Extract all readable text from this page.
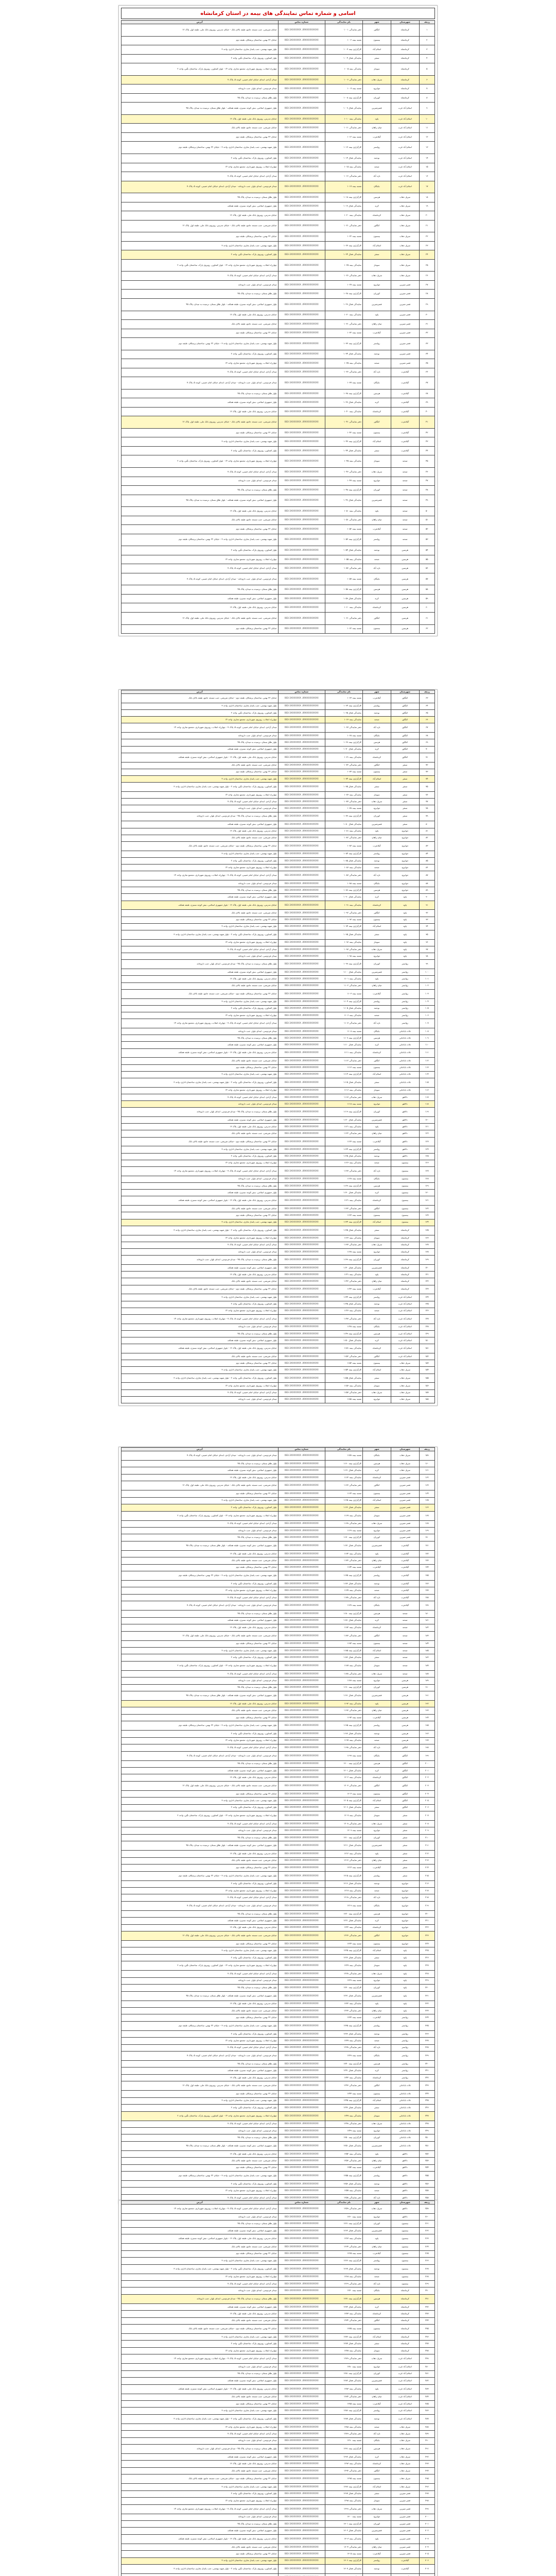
اسامی و شماره تماس نمایندگی های بیمه در استان کرمانشاه
ردیف	شهرستان	شهر	نام نمایندگی	شماره تماس	آدرس
۱	کرمانشاه	کنگاور	دفتر نمایندگی ۱۰۰۱	083-3XXXXXXX ،09XXXXXXXXX	خیابان شریعتی، جنب مسجد جامع، طبقه بالای بانک - خیابان مدرس، روبروی بانک ملی، طبقه اول، پلاک ۱۲
۲	کرمانشاه	بیستون	شعبه بیمه ۱۰۰۲	083-3XXXXXXX ،09XXXXXXXXX	خیابان ۲۲ بهمن، ساختمان پزشکان، طبقه دوم
۳	کرمانشاه	اسلام آباد	کارگزاری بیمه ۱۰۰۳	083-3XXXXXXX ،09XXXXXXXXX	بلوار شهید بهشتی، جنب پاساژ تجاری، ساختمان اداری، واحد ۳
۴	کرمانشاه	سنقر	نمایندگی فعال ۱۰۰۴	083-3XXXXXXX ،09XXXXXXXXX	بلوار کشاورز، روبروی پارک، ساختمان نگین، واحد ۲
۵	کرمانشاه	سومار	نمایندگی بیمه ۱۰۰۵	083-3XXXXXXX ،09XXXXXXXXX	چهارراه انقلاب، روبروی شهرداری، مجتمع تجاری، واحد ۱۴ - بلوار کشاورز، روبروی پارک، ساختمان نگین، واحد ۲
۶	کرمانشاه	سرپل ذهاب	دفتر نمایندگی ۱۰۰۶	083-3XXXXXXX ،09XXXXXXXXX	میدان آزادی، ابتدای خیابان امام خمینی، کوچه ۵، پلاک ۷
۷	کرمانشاه	جوانرود	شعبه بیمه ۱۰۰۷	083-3XXXXXXX ،09XXXXXXXXX	میدان فردوسی، ابتدای بلوار، جنب داروخانه
۸	کرمانشاه	کوزران	کارگزاری بیمه ۱۰۰۸	083-3XXXXXXX ،09XXXXXXXXX	بلوار طاق بستان، نرسیده به میدان، پلاک ۴۵
۹	اسلام آباد غرب	قصرشیرین	نمایندگی فعال ۱۰۰۹	083-3XXXXXXX ،09XXXXXXXXX	بلوار جمهوری اسلامی، نبش کوچه نسترن، طبقه همکف - بلوار طاق بستان، نرسیده به میدان، پلاک ۴۵
۱۰	اسلام آباد غرب	پاوه	نمایندگی بیمه ۱۰۱۰	083-3XXXXXXX ،09XXXXXXXXX	خیابان مدرس، روبروی بانک ملی، طبقه اول، پلاک ۱۲
۱۱	اسلام آباد غرب	میان راهان	دفتر نمایندگی ۱۰۱۱	083-3XXXXXXX ،09XXXXXXXXX	خیابان شریعتی، جنب مسجد جامع، طبقه بالای بانک
۱۲	اسلام آباد غرب	گیلانغرب	شعبه بیمه ۱۰۱۲	083-3XXXXXXX ،09XXXXXXXXX	خیابان ۲۲ بهمن، ساختمان پزشکان، طبقه دوم
۱۳	اسلام آباد غرب	روانسر	کارگزاری بیمه ۱۰۱۳	083-3XXXXXXX ،09XXXXXXXXX	بلوار شهید بهشتی، جنب پاساژ تجاری، ساختمان اداری، واحد ۳ - خیابان ۲۲ بهمن، ساختمان پزشکان، طبقه دوم
۱۴	اسلام آباد غرب	نودشه	نمایندگی فعال ۱۰۱۴	083-3XXXXXXX ،09XXXXXXXXX	بلوار کشاورز، روبروی پارک، ساختمان نگین، واحد ۲
۱۵	اسلام آباد غرب	صحنه	نمایندگی بیمه ۱۰۱۵	083-3XXXXXXX ،09XXXXXXXXX	چهارراه انقلاب، روبروی شهرداری، مجتمع تجاری، واحد ۱۴
۱۶	اسلام آباد غرب	تازه آباد	دفتر نمایندگی ۱۰۱۶	083-3XXXXXXX ،09XXXXXXXXX	میدان آزادی، ابتدای خیابان امام خمینی، کوچه ۵، پلاک ۷
۱۷	اسلام آباد غرب	باینگان	شعبه بیمه ۱۰۱۷	083-3XXXXXXX ،09XXXXXXXXX	میدان فردوسی، ابتدای بلوار، جنب داروخانه - میدان آزادی، ابتدای خیابان امام خمینی، کوچه ۵، پلاک ۷
۱۸	سرپل ذهاب	هرسین	کارگزاری بیمه ۱۰۱۸	083-3XXXXXXX ،09XXXXXXXXX	بلوار طاق بستان، نرسیده به میدان، پلاک ۴۵
۱۹	سرپل ذهاب	کرند	نمایندگی فعال ۱۰۱۹	083-3XXXXXXX ،09XXXXXXXXX	بلوار جمهوری اسلامی، نبش کوچه نسترن، طبقه همکف
۲۰	سرپل ذهاب	کرمانشاه	نمایندگی بیمه ۱۰۲۰	083-3XXXXXXX ،09XXXXXXXXX	خیابان مدرس، روبروی بانک ملی، طبقه اول، پلاک ۱۲
۲۱	سرپل ذهاب	کنگاور	دفتر نمایندگی ۱۰۲۱	083-3XXXXXXX ،09XXXXXXXXX	خیابان شریعتی، جنب مسجد جامع، طبقه بالای بانک - خیابان مدرس، روبروی بانک ملی، طبقه اول، پلاک ۱۲
۲۲	سرپل ذهاب	بیستون	شعبه بیمه ۱۰۲۲	083-3XXXXXXX ،09XXXXXXXXX	خیابان ۲۲ بهمن، ساختمان پزشکان، طبقه دوم
۲۳	سرپل ذهاب	اسلام آباد	کارگزاری بیمه ۱۰۲۳	083-3XXXXXXX ،09XXXXXXXXX	بلوار شهید بهشتی، جنب پاساژ تجاری، ساختمان اداری، واحد ۳
۲۴	سرپل ذهاب	سنقر	نمایندگی فعال ۱۰۲۴	083-3XXXXXXX ،09XXXXXXXXX	بلوار کشاورز، روبروی پارک، ساختمان نگین، واحد ۲
۲۵	سرپل ذهاب	سومار	نمایندگی بیمه ۱۰۲۵	083-3XXXXXXX ،09XXXXXXXXX	چهارراه انقلاب، روبروی شهرداری، مجتمع تجاری، واحد ۱۴ - بلوار کشاورز، روبروی پارک، ساختمان نگین، واحد ۲
۲۶	سرپل ذهاب	سرپل ذهاب	دفتر نمایندگی ۱۰۲۶	083-3XXXXXXX ،09XXXXXXXXX	میدان آزادی، ابتدای خیابان امام خمینی، کوچه ۵، پلاک ۷
۲۷	قصر شیرین	جوانرود	شعبه بیمه ۱۰۲۷	083-3XXXXXXX ،09XXXXXXXXX	میدان فردوسی، ابتدای بلوار، جنب داروخانه
۲۸	قصر شیرین	کوزران	کارگزاری بیمه ۱۰۲۸	083-3XXXXXXX ،09XXXXXXXXX	بلوار طاق بستان، نرسیده به میدان، پلاک ۴۵
۲۹	قصر شیرین	قصرشیرین	نمایندگی فعال ۱۰۲۹	083-3XXXXXXX ،09XXXXXXXXX	بلوار جمهوری اسلامی، نبش کوچه نسترن، طبقه همکف - بلوار طاق بستان، نرسیده به میدان، پلاک ۴۵
۳۰	قصر شیرین	پاوه	نمایندگی بیمه ۱۰۳۰	083-3XXXXXXX ،09XXXXXXXXX	خیابان مدرس، روبروی بانک ملی، طبقه اول، پلاک ۱۲
۳۱	قصر شیرین	میان راهان	دفتر نمایندگی ۱۰۳۱	083-3XXXXXXX ،09XXXXXXXXX	خیابان شریعتی، جنب مسجد جامع، طبقه بالای بانک
۳۲	قصر شیرین	گیلانغرب	شعبه بیمه ۱۰۳۲	083-3XXXXXXX ،09XXXXXXXXX	خیابان ۲۲ بهمن، ساختمان پزشکان، طبقه دوم
۳۳	قصر شیرین	روانسر	کارگزاری بیمه ۱۰۳۳	083-3XXXXXXX ،09XXXXXXXXX	بلوار شهید بهشتی، جنب پاساژ تجاری، ساختمان اداری، واحد ۳ - خیابان ۲۲ بهمن، ساختمان پزشکان، طبقه دوم
۳۴	قصر شیرین	نودشه	نمایندگی فعال ۱۰۳۴	083-3XXXXXXX ،09XXXXXXXXX	بلوار کشاورز، روبروی پارک، ساختمان نگین، واحد ۲
۳۵	قصر شیرین	صحنه	نمایندگی بیمه ۱۰۳۵	083-3XXXXXXX ،09XXXXXXXXX	چهارراه انقلاب، روبروی شهرداری، مجتمع تجاری، واحد ۱۴
۳۶	گیلانغرب	تازه آباد	دفتر نمایندگی ۱۰۳۶	083-3XXXXXXX ،09XXXXXXXXX	میدان آزادی، ابتدای خیابان امام خمینی، کوچه ۵، پلاک ۷
۳۷	گیلانغرب	باینگان	شعبه بیمه ۱۰۳۷	083-3XXXXXXX ،09XXXXXXXXX	میدان فردوسی، ابتدای بلوار، جنب داروخانه - میدان آزادی، ابتدای خیابان امام خمینی، کوچه ۵، پلاک ۷
۳۸	گیلانغرب	هرسین	کارگزاری بیمه ۱۰۳۸	083-3XXXXXXX ،09XXXXXXXXX	بلوار طاق بستان، نرسیده به میدان، پلاک ۴۵
۳۹	گیلانغرب	کرند	نمایندگی فعال ۱۰۳۹	083-3XXXXXXX ،09XXXXXXXXX	بلوار جمهوری اسلامی، نبش کوچه نسترن، طبقه همکف
۴۰	گیلانغرب	کرمانشاه	نمایندگی بیمه ۱۰۴۰	083-3XXXXXXX ،09XXXXXXXXX	خیابان مدرس، روبروی بانک ملی، طبقه اول، پلاک ۱۲
۴۱	گیلانغرب	کنگاور	دفتر نمایندگی ۱۰۴۱	083-3XXXXXXX ،09XXXXXXXXX	خیابان شریعتی، جنب مسجد جامع، طبقه بالای بانک - خیابان مدرس، روبروی بانک ملی، طبقه اول، پلاک ۱۲
۴۲	گیلانغرب	بیستون	شعبه بیمه ۱۰۴۲	083-3XXXXXXX ،09XXXXXXXXX	خیابان ۲۲ بهمن، ساختمان پزشکان، طبقه دوم
۴۳	گیلانغرب	اسلام آباد	کارگزاری بیمه ۱۰۴۳	083-3XXXXXXX ،09XXXXXXXXX	بلوار شهید بهشتی، جنب پاساژ تجاری، ساختمان اداری، واحد ۳
۴۴	گیلانغرب	سنقر	نمایندگی فعال ۱۰۴۴	083-3XXXXXXX ،09XXXXXXXXX	بلوار کشاورز، روبروی پارک، ساختمان نگین، واحد ۲
۴۵	صحنه	سومار	نمایندگی بیمه ۱۰۴۵	083-3XXXXXXX ،09XXXXXXXXX	چهارراه انقلاب، روبروی شهرداری، مجتمع تجاری، واحد ۱۴ - بلوار کشاورز، روبروی پارک، ساختمان نگین، واحد ۲
۴۶	صحنه	سرپل ذهاب	دفتر نمایندگی ۱۰۴۶	083-3XXXXXXX ،09XXXXXXXXX	میدان آزادی، ابتدای خیابان امام خمینی، کوچه ۵، پلاک ۷
۴۷	صحنه	جوانرود	شعبه بیمه ۱۰۴۷	083-3XXXXXXX ،09XXXXXXXXX	میدان فردوسی، ابتدای بلوار، جنب داروخانه
۴۸	صحنه	کوزران	کارگزاری بیمه ۱۰۴۸	083-3XXXXXXX ،09XXXXXXXXX	بلوار طاق بستان، نرسیده به میدان، پلاک ۴۵
۴۹	صحنه	قصرشیرین	نمایندگی فعال ۱۰۴۹	083-3XXXXXXX ،09XXXXXXXXX	بلوار جمهوری اسلامی، نبش کوچه نسترن، طبقه همکف - بلوار طاق بستان، نرسیده به میدان، پلاک ۴۵
۵۰	صحنه	پاوه	نمایندگی بیمه ۱۰۵۰	083-3XXXXXXX ،09XXXXXXXXX	خیابان مدرس، روبروی بانک ملی، طبقه اول، پلاک ۱۲
۵۱	صحنه	میان راهان	دفتر نمایندگی ۱۰۵۱	083-3XXXXXXX ،09XXXXXXXXX	خیابان شریعتی، جنب مسجد جامع، طبقه بالای بانک
۵۲	صحنه	گیلانغرب	شعبه بیمه ۱۰۵۲	083-3XXXXXXX ،09XXXXXXXXX	خیابان ۲۲ بهمن، ساختمان پزشکان، طبقه دوم
۵۳	صحنه	روانسر	کارگزاری بیمه ۱۰۵۳	083-3XXXXXXX ،09XXXXXXXXX	بلوار شهید بهشتی، جنب پاساژ تجاری، ساختمان اداری، واحد ۳ - خیابان ۲۲ بهمن، ساختمان پزشکان، طبقه دوم
۵۴	هرسین	نودشه	نمایندگی فعال ۱۰۵۴	083-3XXXXXXX ،09XXXXXXXXX	بلوار کشاورز، روبروی پارک، ساختمان نگین، واحد ۲
۵۵	هرسین	صحنه	نمایندگی بیمه ۱۰۵۵	083-3XXXXXXX ،09XXXXXXXXX	چهارراه انقلاب، روبروی شهرداری، مجتمع تجاری، واحد ۱۴
۵۶	هرسین	تازه آباد	دفتر نمایندگی ۱۰۵۶	083-3XXXXXXX ،09XXXXXXXXX	میدان آزادی، ابتدای خیابان امام خمینی، کوچه ۵، پلاک ۷
۵۷	هرسین	باینگان	شعبه بیمه ۱۰۵۷	083-3XXXXXXX ،09XXXXXXXXX	میدان فردوسی، ابتدای بلوار، جنب داروخانه - میدان آزادی، ابتدای خیابان امام خمینی، کوچه ۵، پلاک ۷
۵۸	هرسین	هرسین	کارگزاری بیمه ۱۰۵۸	083-3XXXXXXX ،09XXXXXXXXX	بلوار طاق بستان، نرسیده به میدان، پلاک ۴۵
۵۹	هرسین	کرند	نمایندگی فعال ۱۰۵۹	083-3XXXXXXX ،09XXXXXXXXX	بلوار جمهوری اسلامی، نبش کوچه نسترن، طبقه همکف
۶۰	هرسین	کرمانشاه	نمایندگی بیمه ۱۰۶۰	083-3XXXXXXX ،09XXXXXXXXX	خیابان مدرس، روبروی بانک ملی، طبقه اول، پلاک ۱۲
۶۱	هرسین	کنگاور	دفتر نمایندگی ۱۰۶۱	083-3XXXXXXX ،09XXXXXXXXX	خیابان شریعتی، جنب مسجد جامع، طبقه بالای بانک - خیابان مدرس، روبروی بانک ملی، طبقه اول، پلاک ۱۲
۶۲	هرسین	بیستون	شعبه بیمه ۱۰۶۲	083-3XXXXXXX ،09XXXXXXXXX	خیابان ۲۲ بهمن، ساختمان پزشکان، طبقه دوم
ردیف	شهرستان	شهر	نام نمایندگی	شماره تماس	آدرس
۶۳	کنگاور	گیلانغرب	شعبه بیمه ۱۰۶۳	083-3XXXXXXX ،09XXXXXXXXX	خیابان ۲۲ بهمن، ساختمان پزشکان، طبقه دوم - خیابان شریعتی، جنب مسجد جامع، طبقه بالای بانک
۶۴	کنگاور	روانسر	کارگزاری بیمه ۱۰۶۴	083-3XXXXXXX ،09XXXXXXXXX	بلوار شهید بهشتی، جنب پاساژ تجاری، ساختمان اداری، واحد ۳
۶۵	کنگاور	نودشه	نمایندگی فعال ۱۰۶۵	083-3XXXXXXX ،09XXXXXXXXX	بلوار کشاورز، روبروی پارک، ساختمان نگین، واحد ۲
۶۶	کنگاور	صحنه	نمایندگی بیمه ۱۰۶۶	083-3XXXXXXX ،09XXXXXXXXX	چهارراه انقلاب، روبروی شهرداری، مجتمع تجاری، واحد ۱۴
۶۷	کنگاور	تازه آباد	دفتر نمایندگی ۱۰۶۷	083-3XXXXXXX ،09XXXXXXXXX	میدان آزادی، ابتدای خیابان امام خمینی، کوچه ۵، پلاک ۷ - چهارراه انقلاب، روبروی شهرداری، مجتمع تجاری، واحد ۱۴
۶۸	کنگاور	باینگان	شعبه بیمه ۱۰۶۸	083-3XXXXXXX ،09XXXXXXXXX	میدان فردوسی، ابتدای بلوار، جنب داروخانه
۶۹	کنگاور	هرسین	کارگزاری بیمه ۱۰۶۹	083-3XXXXXXX ،09XXXXXXXXX	بلوار طاق بستان، نرسیده به میدان، پلاک ۴۵
۷۰	کنگاور	کرند	نمایندگی فعال ۱۰۷۰	083-3XXXXXXX ،09XXXXXXXXX	بلوار جمهوری اسلامی، نبش کوچه نسترن، طبقه همکف
۷۱	کنگاور	کرمانشاه	نمایندگی بیمه ۱۰۷۱	083-3XXXXXXX ،09XXXXXXXXX	خیابان مدرس، روبروی بانک ملی، طبقه اول، پلاک ۱۲ - بلوار جمهوری اسلامی، نبش کوچه نسترن، طبقه همکف
۷۲	سنقر	کنگاور	دفتر نمایندگی ۱۰۷۲	083-3XXXXXXX ،09XXXXXXXXX	خیابان شریعتی، جنب مسجد جامع، طبقه بالای بانک
۷۳	سنقر	بیستون	شعبه بیمه ۱۰۷۳	083-3XXXXXXX ،09XXXXXXXXX	خیابان ۲۲ بهمن، ساختمان پزشکان، طبقه دوم
۷۴	سنقر	اسلام آباد	کارگزاری بیمه ۱۰۷۴	083-3XXXXXXX ،09XXXXXXXXX	بلوار شهید بهشتی، جنب پاساژ تجاری، ساختمان اداری، واحد ۳
۷۵	سنقر	سنقر	نمایندگی فعال ۱۰۷۵	083-3XXXXXXX ،09XXXXXXXXX	بلوار کشاورز، روبروی پارک، ساختمان نگین، واحد ۲ - بلوار شهید بهشتی، جنب پاساژ تجاری، ساختمان اداری، واحد ۳
۷۶	سنقر	سومار	نمایندگی بیمه ۱۰۷۶	083-3XXXXXXX ،09XXXXXXXXX	چهارراه انقلاب، روبروی شهرداری، مجتمع تجاری، واحد ۱۴
۷۷	سنقر	سرپل ذهاب	دفتر نمایندگی ۱۰۷۷	083-3XXXXXXX ،09XXXXXXXXX	میدان آزادی، ابتدای خیابان امام خمینی، کوچه ۵، پلاک ۷
۷۸	سنقر	جوانرود	شعبه بیمه ۱۰۷۸	083-3XXXXXXX ،09XXXXXXXXX	میدان فردوسی، ابتدای بلوار، جنب داروخانه
۷۹	سنقر	کوزران	کارگزاری بیمه ۱۰۷۹	083-3XXXXXXX ،09XXXXXXXXX	بلوار طاق بستان، نرسیده به میدان، پلاک ۴۵ - میدان فردوسی، ابتدای بلوار، جنب داروخانه
۸۰	سنقر	قصرشیرین	نمایندگی فعال ۱۰۸۰	083-3XXXXXXX ،09XXXXXXXXX	بلوار جمهوری اسلامی، نبش کوچه نسترن، طبقه همکف
۸۱	جوانرود	پاوه	نمایندگی بیمه ۱۰۸۱	083-3XXXXXXX ،09XXXXXXXXX	خیابان مدرس، روبروی بانک ملی، طبقه اول، پلاک ۱۲
۸۲	جوانرود	میان راهان	دفتر نمایندگی ۱۰۸۲	083-3XXXXXXX ،09XXXXXXXXX	خیابان شریعتی، جنب مسجد جامع، طبقه بالای بانک
۸۳	جوانرود	گیلانغرب	شعبه بیمه ۱۰۸۳	083-3XXXXXXX ،09XXXXXXXXX	خیابان ۲۲ بهمن، ساختمان پزشکان، طبقه دوم - خیابان شریعتی، جنب مسجد جامع، طبقه بالای بانک
۸۴	جوانرود	روانسر	کارگزاری بیمه ۱۰۸۴	083-3XXXXXXX ،09XXXXXXXXX	بلوار شهید بهشتی، جنب پاساژ تجاری، ساختمان اداری، واحد ۳
۸۵	جوانرود	نودشه	نمایندگی فعال ۱۰۸۵	083-3XXXXXXX ،09XXXXXXXXX	بلوار کشاورز، روبروی پارک، ساختمان نگین، واحد ۲
۸۶	جوانرود	صحنه	نمایندگی بیمه ۱۰۸۶	083-3XXXXXXX ،09XXXXXXXXX	چهارراه انقلاب، روبروی شهرداری، مجتمع تجاری، واحد ۱۴
۸۷	جوانرود	تازه آباد	دفتر نمایندگی ۱۰۸۷	083-3XXXXXXX ،09XXXXXXXXX	میدان آزادی، ابتدای خیابان امام خمینی، کوچه ۵، پلاک ۷ - چهارراه انقلاب، روبروی شهرداری، مجتمع تجاری، واحد ۱۴
۸۸	جوانرود	باینگان	شعبه بیمه ۱۰۸۸	083-3XXXXXXX ،09XXXXXXXXX	میدان فردوسی، ابتدای بلوار، جنب داروخانه
۸۹	جوانرود	هرسین	کارگزاری بیمه ۱۰۸۹	083-3XXXXXXX ،09XXXXXXXXX	بلوار طاق بستان، نرسیده به میدان، پلاک ۴۵
۹۰	پاوه	کرند	نمایندگی فعال ۱۰۹۰	083-3XXXXXXX ،09XXXXXXXXX	بلوار جمهوری اسلامی، نبش کوچه نسترن، طبقه همکف
۹۱	پاوه	کرمانشاه	نمایندگی بیمه ۱۰۹۱	083-3XXXXXXX ،09XXXXXXXXX	خیابان مدرس، روبروی بانک ملی، طبقه اول، پلاک ۱۲ - بلوار جمهوری اسلامی، نبش کوچه نسترن، طبقه همکف
۹۲	پاوه	کنگاور	دفتر نمایندگی ۱۰۹۲	083-3XXXXXXX ،09XXXXXXXXX	خیابان شریعتی، جنب مسجد جامع، طبقه بالای بانک
۹۳	پاوه	بیستون	شعبه بیمه ۱۰۹۳	083-3XXXXXXX ،09XXXXXXXXX	خیابان ۲۲ بهمن، ساختمان پزشکان، طبقه دوم
۹۴	پاوه	اسلام آباد	کارگزاری بیمه ۱۰۹۴	083-3XXXXXXX ،09XXXXXXXXX	بلوار شهید بهشتی، جنب پاساژ تجاری، ساختمان اداری، واحد ۳
۹۵	پاوه	سنقر	نمایندگی فعال ۱۰۹۵	083-3XXXXXXX ،09XXXXXXXXX	بلوار کشاورز، روبروی پارک، ساختمان نگین، واحد ۲ - بلوار شهید بهشتی، جنب پاساژ تجاری، ساختمان اداری، واحد ۳
۹۶	پاوه	سومار	نمایندگی بیمه ۱۰۹۶	083-3XXXXXXX ،09XXXXXXXXX	چهارراه انقلاب، روبروی شهرداری، مجتمع تجاری، واحد ۱۴
۹۷	پاوه	سرپل ذهاب	دفتر نمایندگی ۱۰۹۷	083-3XXXXXXX ،09XXXXXXXXX	میدان آزادی، ابتدای خیابان امام خمینی، کوچه ۵، پلاک ۷
۹۸	پاوه	جوانرود	شعبه بیمه ۱۰۹۸	083-3XXXXXXX ،09XXXXXXXXX	میدان فردوسی، ابتدای بلوار، جنب داروخانه
۹۹	روانسر	کوزران	کارگزاری بیمه ۱۰۹۹	083-3XXXXXXX ،09XXXXXXXXX	بلوار طاق بستان، نرسیده به میدان، پلاک ۴۵ - میدان فردوسی، ابتدای بلوار، جنب داروخانه
۱۰۰	روانسر	قصرشیرین	نمایندگی فعال ۱۱۰۰	083-3XXXXXXX ،09XXXXXXXXX	بلوار جمهوری اسلامی، نبش کوچه نسترن، طبقه همکف
۱۰۱	روانسر	پاوه	نمایندگی بیمه ۱۱۰۱	083-3XXXXXXX ،09XXXXXXXXX	خیابان مدرس، روبروی بانک ملی، طبقه اول، پلاک ۱۲
۱۰۲	روانسر	میان راهان	دفتر نمایندگی ۱۱۰۲	083-3XXXXXXX ،09XXXXXXXXX	خیابان شریعتی، جنب مسجد جامع، طبقه بالای بانک
۱۰۳	روانسر	گیلانغرب	شعبه بیمه ۱۱۰۳	083-3XXXXXXX ،09XXXXXXXXX	خیابان ۲۲ بهمن، ساختمان پزشکان، طبقه دوم - خیابان شریعتی، جنب مسجد جامع، طبقه بالای بانک
۱۰۴	روانسر	روانسر	کارگزاری بیمه ۱۱۰۴	083-3XXXXXXX ،09XXXXXXXXX	بلوار شهید بهشتی، جنب پاساژ تجاری، ساختمان اداری، واحد ۳
۱۰۵	روانسر	نودشه	نمایندگی فعال ۱۱۰۵	083-3XXXXXXX ،09XXXXXXXXX	بلوار کشاورز، روبروی پارک، ساختمان نگین، واحد ۲
۱۰۶	روانسر	صحنه	نمایندگی بیمه ۱۱۰۶	083-3XXXXXXX ،09XXXXXXXXX	چهارراه انقلاب، روبروی شهرداری، مجتمع تجاری، واحد ۱۴
۱۰۷	روانسر	تازه آباد	دفتر نمایندگی ۱۱۰۷	083-3XXXXXXX ،09XXXXXXXXX	میدان آزادی، ابتدای خیابان امام خمینی، کوچه ۵، پلاک ۷ - چهارراه انقلاب، روبروی شهرداری، مجتمع تجاری، واحد ۱۴
۱۰۸	ثلاث باباجانی	باینگان	شعبه بیمه ۱۱۰۸	083-3XXXXXXX ،09XXXXXXXXX	میدان فردوسی، ابتدای بلوار، جنب داروخانه
۱۰۹	ثلاث باباجانی	هرسین	کارگزاری بیمه ۱۱۰۹	083-3XXXXXXX ،09XXXXXXXXX	بلوار طاق بستان، نرسیده به میدان، پلاک ۴۵
۱۱۰	ثلاث باباجانی	کرند	نمایندگی فعال ۱۱۱۰	083-3XXXXXXX ،09XXXXXXXXX	بلوار جمهوری اسلامی، نبش کوچه نسترن، طبقه همکف
۱۱۱	ثلاث باباجانی	کرمانشاه	نمایندگی بیمه ۱۱۱۱	083-3XXXXXXX ،09XXXXXXXXX	خیابان مدرس، روبروی بانک ملی، طبقه اول، پلاک ۱۲ - بلوار جمهوری اسلامی، نبش کوچه نسترن، طبقه همکف
۱۱۲	ثلاث باباجانی	کنگاور	دفتر نمایندگی ۱۱۱۲	083-3XXXXXXX ،09XXXXXXXXX	خیابان شریعتی، جنب مسجد جامع، طبقه بالای بانک
۱۱۳	ثلاث باباجانی	بیستون	شعبه بیمه ۱۱۱۳	083-3XXXXXXX ،09XXXXXXXXX	خیابان ۲۲ بهمن، ساختمان پزشکان، طبقه دوم
۱۱۴	ثلاث باباجانی	اسلام آباد	کارگزاری بیمه ۱۱۱۴	083-3XXXXXXX ،09XXXXXXXXX	بلوار شهید بهشتی، جنب پاساژ تجاری، ساختمان اداری، واحد ۳
۱۱۵	ثلاث باباجانی	سنقر	نمایندگی فعال ۱۱۱۵	083-3XXXXXXX ،09XXXXXXXXX	بلوار کشاورز، روبروی پارک، ساختمان نگین، واحد ۲ - بلوار شهید بهشتی، جنب پاساژ تجاری، ساختمان اداری، واحد ۳
۱۱۶	ثلاث باباجانی	سومار	نمایندگی بیمه ۱۱۱۶	083-3XXXXXXX ،09XXXXXXXXX	چهارراه انقلاب، روبروی شهرداری، مجتمع تجاری، واحد ۱۴
۱۱۷	دالاهو	سرپل ذهاب	دفتر نمایندگی ۱۱۱۷	083-3XXXXXXX ،09XXXXXXXXX	میدان آزادی، ابتدای خیابان امام خمینی، کوچه ۵، پلاک ۷
۱۱۸	دالاهو	جوانرود	شعبه بیمه ۱۱۱۸	083-3XXXXXXX ،09XXXXXXXXX	میدان فردوسی، ابتدای بلوار، جنب داروخانه
۱۱۹	دالاهو	کوزران	کارگزاری بیمه ۱۱۱۹	083-3XXXXXXX ،09XXXXXXXXX	بلوار طاق بستان، نرسیده به میدان، پلاک ۴۵ - میدان فردوسی، ابتدای بلوار، جنب داروخانه
۱۲۰	دالاهو	قصرشیرین	نمایندگی فعال ۱۱۲۰	083-3XXXXXXX ،09XXXXXXXXX	بلوار جمهوری اسلامی، نبش کوچه نسترن، طبقه همکف
۱۲۱	دالاهو	پاوه	نمایندگی بیمه ۱۱۲۱	083-3XXXXXXX ،09XXXXXXXXX	خیابان مدرس، روبروی بانک ملی، طبقه اول، پلاک ۱۲
۱۲۲	دالاهو	میان راهان	دفتر نمایندگی ۱۱۲۲	083-3XXXXXXX ،09XXXXXXXXX	خیابان شریعتی، جنب مسجد جامع، طبقه بالای بانک
۱۲۳	دالاهو	گیلانغرب	شعبه بیمه ۱۱۲۳	083-3XXXXXXX ،09XXXXXXXXX	خیابان ۲۲ بهمن، ساختمان پزشکان، طبقه دوم - خیابان شریعتی، جنب مسجد جامع، طبقه بالای بانک
۱۲۴	دالاهو	روانسر	کارگزاری بیمه ۱۱۲۴	083-3XXXXXXX ،09XXXXXXXXX	بلوار شهید بهشتی، جنب پاساژ تجاری، ساختمان اداری، واحد ۳
۱۲۵	دالاهو	نودشه	نمایندگی فعال ۱۱۲۵	083-3XXXXXXX ،09XXXXXXXXX	بلوار کشاورز، روبروی پارک، ساختمان نگین، واحد ۲
۱۲۶	بیستون	صحنه	نمایندگی بیمه ۱۱۲۶	083-3XXXXXXX ،09XXXXXXXXX	چهارراه انقلاب، روبروی شهرداری، مجتمع تجاری، واحد ۱۴
۱۲۷	بیستون	تازه آباد	دفتر نمایندگی ۱۱۲۷	083-3XXXXXXX ،09XXXXXXXXX	میدان آزادی، ابتدای خیابان امام خمینی، کوچه ۵، پلاک ۷ - چهارراه انقلاب، روبروی شهرداری، مجتمع تجاری، واحد ۱۴
۱۲۸	بیستون	باینگان	شعبه بیمه ۱۱۲۸	083-3XXXXXXX ،09XXXXXXXXX	میدان فردوسی، ابتدای بلوار، جنب داروخانه
۱۲۹	بیستون	هرسین	کارگزاری بیمه ۱۱۲۹	083-3XXXXXXX ،09XXXXXXXXX	بلوار طاق بستان، نرسیده به میدان، پلاک ۴۵
۱۳۰	بیستون	کرند	نمایندگی فعال ۱۱۳۰	083-3XXXXXXX ،09XXXXXXXXX	بلوار جمهوری اسلامی، نبش کوچه نسترن، طبقه همکف
۱۳۱	بیستون	کرمانشاه	نمایندگی بیمه ۱۱۳۱	083-3XXXXXXX ،09XXXXXXXXX	خیابان مدرس، روبروی بانک ملی، طبقه اول، پلاک ۱۲ - بلوار جمهوری اسلامی، نبش کوچه نسترن، طبقه همکف
۱۳۲	بیستون	کنگاور	دفتر نمایندگی ۱۱۳۲	083-3XXXXXXX ،09XXXXXXXXX	خیابان شریعتی، جنب مسجد جامع، طبقه بالای بانک
۱۳۳	بیستون	بیستون	شعبه بیمه ۱۱۳۳	083-3XXXXXXX ،09XXXXXXXXX	خیابان ۲۲ بهمن، ساختمان پزشکان، طبقه دوم
۱۳۴	بیستون	اسلام آباد	کارگزاری بیمه ۱۱۳۴	083-3XXXXXXX ،09XXXXXXXXX	بلوار شهید بهشتی، جنب پاساژ تجاری، ساختمان اداری، واحد ۳
۱۳۵	کرمانشاه	سنقر	نمایندگی فعال ۱۱۳۵	083-3XXXXXXX ،09XXXXXXXXX	بلوار کشاورز، روبروی پارک، ساختمان نگین، واحد ۲ - بلوار شهید بهشتی، جنب پاساژ تجاری، ساختمان اداری، واحد ۳
۱۳۶	کرمانشاه	سومار	نمایندگی بیمه ۱۱۳۶	083-3XXXXXXX ،09XXXXXXXXX	چهارراه انقلاب، روبروی شهرداری، مجتمع تجاری، واحد ۱۴
۱۳۷	کرمانشاه	سرپل ذهاب	دفتر نمایندگی ۱۱۳۷	083-3XXXXXXX ،09XXXXXXXXX	میدان آزادی، ابتدای خیابان امام خمینی، کوچه ۵، پلاک ۷
۱۳۸	کرمانشاه	جوانرود	شعبه بیمه ۱۱۳۸	083-3XXXXXXX ،09XXXXXXXXX	میدان فردوسی، ابتدای بلوار، جنب داروخانه
۱۳۹	کرمانشاه	کوزران	کارگزاری بیمه ۱۱۳۹	083-3XXXXXXX ،09XXXXXXXXX	بلوار طاق بستان، نرسیده به میدان، پلاک ۴۵ - میدان فردوسی، ابتدای بلوار، جنب داروخانه
۱۴۰	کرمانشاه	قصرشیرین	نمایندگی فعال ۱۱۴۰	083-3XXXXXXX ،09XXXXXXXXX	بلوار جمهوری اسلامی، نبش کوچه نسترن، طبقه همکف
۱۴۱	کرمانشاه	پاوه	نمایندگی بیمه ۱۱۴۱	083-3XXXXXXX ،09XXXXXXXXX	خیابان مدرس، روبروی بانک ملی، طبقه اول، پلاک ۱۲
۱۴۲	کرمانشاه	میان راهان	دفتر نمایندگی ۱۱۴۲	083-3XXXXXXX ،09XXXXXXXXX	خیابان شریعتی، جنب مسجد جامع، طبقه بالای بانک
۱۴۳	کرمانشاه	گیلانغرب	شعبه بیمه ۱۱۴۳	083-3XXXXXXX ،09XXXXXXXXX	خیابان ۲۲ بهمن، ساختمان پزشکان، طبقه دوم - خیابان شریعتی، جنب مسجد جامع، طبقه بالای بانک
۱۴۴	اسلام آباد غرب	روانسر	کارگزاری بیمه ۱۱۴۴	083-3XXXXXXX ،09XXXXXXXXX	بلوار شهید بهشتی، جنب پاساژ تجاری، ساختمان اداری، واحد ۳
۱۴۵	اسلام آباد غرب	نودشه	نمایندگی فعال ۱۱۴۵	083-3XXXXXXX ،09XXXXXXXXX	بلوار کشاورز، روبروی پارک، ساختمان نگین، واحد ۲
۱۴۶	اسلام آباد غرب	صحنه	نمایندگی بیمه ۱۱۴۶	083-3XXXXXXX ،09XXXXXXXXX	چهارراه انقلاب، روبروی شهرداری، مجتمع تجاری، واحد ۱۴
۱۴۷	اسلام آباد غرب	تازه آباد	دفتر نمایندگی ۱۱۴۷	083-3XXXXXXX ،09XXXXXXXXX	میدان آزادی، ابتدای خیابان امام خمینی، کوچه ۵، پلاک ۷ - چهارراه انقلاب، روبروی شهرداری، مجتمع تجاری، واحد ۱۴
۱۴۸	اسلام آباد غرب	باینگان	شعبه بیمه ۱۱۴۸	083-3XXXXXXX ،09XXXXXXXXX	میدان فردوسی، ابتدای بلوار، جنب داروخانه
۱۴۹	اسلام آباد غرب	هرسین	کارگزاری بیمه ۱۱۴۹	083-3XXXXXXX ،09XXXXXXXXX	بلوار طاق بستان، نرسیده به میدان، پلاک ۴۵
۱۵۰	اسلام آباد غرب	کرند	نمایندگی فعال ۱۱۵۰	083-3XXXXXXX ،09XXXXXXXXX	بلوار جمهوری اسلامی، نبش کوچه نسترن، طبقه همکف
۱۵۱	اسلام آباد غرب	کرمانشاه	نمایندگی بیمه ۱۱۵۱	083-3XXXXXXX ،09XXXXXXXXX	خیابان مدرس، روبروی بانک ملی، طبقه اول، پلاک ۱۲ - بلوار جمهوری اسلامی، نبش کوچه نسترن، طبقه همکف
۱۵۲	اسلام آباد غرب	کنگاور	دفتر نمایندگی ۱۱۵۲	083-3XXXXXXX ،09XXXXXXXXX	خیابان شریعتی، جنب مسجد جامع، طبقه بالای بانک
۱۵۳	سرپل ذهاب	بیستون	شعبه بیمه ۱۱۵۳	083-3XXXXXXX ،09XXXXXXXXX	خیابان ۲۲ بهمن، ساختمان پزشکان، طبقه دوم
۱۵۴	سرپل ذهاب	اسلام آباد	کارگزاری بیمه ۱۱۵۴	083-3XXXXXXX ،09XXXXXXXXX	بلوار شهید بهشتی، جنب پاساژ تجاری، ساختمان اداری، واحد ۳
۱۵۵	سرپل ذهاب	سنقر	نمایندگی فعال ۱۱۵۵	083-3XXXXXXX ،09XXXXXXXXX	بلوار کشاورز، روبروی پارک، ساختمان نگین، واحد ۲ - بلوار شهید بهشتی، جنب پاساژ تجاری، ساختمان اداری، واحد ۳
۱۵۶	سرپل ذهاب	سومار	نمایندگی بیمه ۱۱۵۶	083-3XXXXXXX ،09XXXXXXXXX	چهارراه انقلاب، روبروی شهرداری، مجتمع تجاری، واحد ۱۴
۱۵۷	سرپل ذهاب	سرپل ذهاب	دفتر نمایندگی ۱۱۵۷	083-3XXXXXXX ،09XXXXXXXXX	میدان آزادی، ابتدای خیابان امام خمینی، کوچه ۵، پلاک ۷
۱۵۸	سرپل ذهاب	جوانرود	شعبه بیمه ۱۱۵۸	083-3XXXXXXX ،09XXXXXXXXX	میدان فردوسی، ابتدای بلوار، جنب داروخانه
ردیف	شهرستان	شهر	نام نمایندگی	شماره تماس	آدرس
۱۵۹	سرپل ذهاب	باینگان	شعبه بیمه ۱۱۵۹	083-3XXXXXXX ،09XXXXXXXXX	میدان فردوسی، ابتدای بلوار، جنب داروخانه - میدان آزادی، ابتدای خیابان امام خمینی، کوچه ۵، پلاک ۷
۱۶۰	سرپل ذهاب	هرسین	کارگزاری بیمه ۱۱۶۰	083-3XXXXXXX ،09XXXXXXXXX	بلوار طاق بستان، نرسیده به میدان، پلاک ۴۵
۱۶۱	سرپل ذهاب	کرند	نمایندگی فعال ۱۱۶۱	083-3XXXXXXX ،09XXXXXXXXX	بلوار جمهوری اسلامی، نبش کوچه نسترن، طبقه همکف
۱۶۲	قصر شیرین	کرمانشاه	نمایندگی بیمه ۱۱۶۲	083-3XXXXXXX ،09XXXXXXXXX	خیابان مدرس، روبروی بانک ملی، طبقه اول، پلاک ۱۲
۱۶۳	قصر شیرین	کنگاور	دفتر نمایندگی ۱۱۶۳	083-3XXXXXXX ،09XXXXXXXXX	خیابان شریعتی، جنب مسجد جامع، طبقه بالای بانک - خیابان مدرس، روبروی بانک ملی، طبقه اول، پلاک ۱۲
۱۶۴	قصر شیرین	بیستون	شعبه بیمه ۱۱۶۴	083-3XXXXXXX ،09XXXXXXXXX	خیابان ۲۲ بهمن، ساختمان پزشکان، طبقه دوم
۱۶۵	قصر شیرین	اسلام آباد	کارگزاری بیمه ۱۱۶۵	083-3XXXXXXX ،09XXXXXXXXX	بلوار شهید بهشتی، جنب پاساژ تجاری، ساختمان اداری، واحد ۳
۱۶۶	قصر شیرین	سنقر	نمایندگی فعال ۱۱۶۶	083-3XXXXXXX ،09XXXXXXXXX	بلوار کشاورز، روبروی پارک، ساختمان نگین، واحد ۲
۱۶۷	قصر شیرین	سومار	نمایندگی بیمه ۱۱۶۷	083-3XXXXXXX ،09XXXXXXXXX	چهارراه انقلاب، روبروی شهرداری، مجتمع تجاری، واحد ۱۴ - بلوار کشاورز، روبروی پارک، ساختمان نگین، واحد ۲
۱۶۸	قصر شیرین	سرپل ذهاب	دفتر نمایندگی ۱۱۶۸	083-3XXXXXXX ،09XXXXXXXXX	میدان آزادی، ابتدای خیابان امام خمینی، کوچه ۵، پلاک ۷
۱۶۹	قصر شیرین	جوانرود	شعبه بیمه ۱۱۶۹	083-3XXXXXXX ،09XXXXXXXXX	میدان فردوسی، ابتدای بلوار، جنب داروخانه
۱۷۰	قصر شیرین	کوزران	کارگزاری بیمه ۱۱۷۰	083-3XXXXXXX ،09XXXXXXXXX	بلوار طاق بستان، نرسیده به میدان، پلاک ۴۵
۱۷۱	گیلانغرب	قصرشیرین	نمایندگی فعال ۱۱۷۱	083-3XXXXXXX ،09XXXXXXXXX	بلوار جمهوری اسلامی، نبش کوچه نسترن، طبقه همکف - بلوار طاق بستان، نرسیده به میدان، پلاک ۴۵
۱۷۲	گیلانغرب	پاوه	نمایندگی بیمه ۱۱۷۲	083-3XXXXXXX ،09XXXXXXXXX	خیابان مدرس، روبروی بانک ملی، طبقه اول، پلاک ۱۲
۱۷۳	گیلانغرب	میان راهان	دفتر نمایندگی ۱۱۷۳	083-3XXXXXXX ،09XXXXXXXXX	خیابان شریعتی، جنب مسجد جامع، طبقه بالای بانک
۱۷۴	گیلانغرب	گیلانغرب	شعبه بیمه ۱۱۷۴	083-3XXXXXXX ،09XXXXXXXXX	خیابان ۲۲ بهمن، ساختمان پزشکان، طبقه دوم
۱۷۵	گیلانغرب	روانسر	کارگزاری بیمه ۱۱۷۵	083-3XXXXXXX ،09XXXXXXXXX	بلوار شهید بهشتی، جنب پاساژ تجاری، ساختمان اداری، واحد ۳ - خیابان ۲۲ بهمن، ساختمان پزشکان، طبقه دوم
۱۷۶	گیلانغرب	نودشه	نمایندگی فعال ۱۱۷۶	083-3XXXXXXX ،09XXXXXXXXX	بلوار کشاورز، روبروی پارک، ساختمان نگین، واحد ۲
۱۷۷	گیلانغرب	صحنه	نمایندگی بیمه ۱۱۷۷	083-3XXXXXXX ،09XXXXXXXXX	چهارراه انقلاب، روبروی شهرداری، مجتمع تجاری، واحد ۱۴
۱۷۸	گیلانغرب	تازه آباد	دفتر نمایندگی ۱۱۷۸	083-3XXXXXXX ،09XXXXXXXXX	میدان آزادی، ابتدای خیابان امام خمینی، کوچه ۵، پلاک ۷
۱۷۹	گیلانغرب	باینگان	شعبه بیمه ۱۱۷۹	083-3XXXXXXX ،09XXXXXXXXX	میدان فردوسی، ابتدای بلوار، جنب داروخانه - میدان آزادی، ابتدای خیابان امام خمینی، کوچه ۵، پلاک ۷
۱۸۰	صحنه	هرسین	کارگزاری بیمه ۱۱۸۰	083-3XXXXXXX ،09XXXXXXXXX	بلوار طاق بستان، نرسیده به میدان، پلاک ۴۵
۱۸۱	صحنه	کرند	نمایندگی فعال ۱۱۸۱	083-3XXXXXXX ،09XXXXXXXXX	بلوار جمهوری اسلامی، نبش کوچه نسترن، طبقه همکف
۱۸۲	صحنه	کرمانشاه	نمایندگی بیمه ۱۱۸۲	083-3XXXXXXX ،09XXXXXXXXX	خیابان مدرس، روبروی بانک ملی، طبقه اول، پلاک ۱۲
۱۸۳	صحنه	کنگاور	دفتر نمایندگی ۱۱۸۳	083-3XXXXXXX ،09XXXXXXXXX	خیابان شریعتی، جنب مسجد جامع، طبقه بالای بانک - خیابان مدرس، روبروی بانک ملی، طبقه اول، پلاک ۱۲
۱۸۴	صحنه	بیستون	شعبه بیمه ۱۱۸۴	083-3XXXXXXX ،09XXXXXXXXX	خیابان ۲۲ بهمن، ساختمان پزشکان، طبقه دوم
۱۸۵	صحنه	اسلام آباد	کارگزاری بیمه ۱۱۸۵	083-3XXXXXXX ،09XXXXXXXXX	بلوار شهید بهشتی، جنب پاساژ تجاری، ساختمان اداری، واحد ۳
۱۸۶	صحنه	سنقر	نمایندگی فعال ۱۱۸۶	083-3XXXXXXX ،09XXXXXXXXX	بلوار کشاورز، روبروی پارک، ساختمان نگین، واحد ۲
۱۸۷	صحنه	سومار	نمایندگی بیمه ۱۱۸۷	083-3XXXXXXX ،09XXXXXXXXX	چهارراه انقلاب، روبروی شهرداری، مجتمع تجاری، واحد ۱۴ - بلوار کشاورز، روبروی پارک، ساختمان نگین، واحد ۲
۱۸۸	صحنه	سرپل ذهاب	دفتر نمایندگی ۱۱۸۸	083-3XXXXXXX ،09XXXXXXXXX	میدان آزادی، ابتدای خیابان امام خمینی، کوچه ۵، پلاک ۷
۱۸۹	هرسین	جوانرود	شعبه بیمه ۱۱۸۹	083-3XXXXXXX ،09XXXXXXXXX	میدان فردوسی، ابتدای بلوار، جنب داروخانه
۱۹۰	هرسین	کوزران	کارگزاری بیمه ۱۱۹۰	083-3XXXXXXX ،09XXXXXXXXX	بلوار طاق بستان، نرسیده به میدان، پلاک ۴۵
۱۹۱	هرسین	قصرشیرین	نمایندگی فعال ۱۱۹۱	083-3XXXXXXX ،09XXXXXXXXX	بلوار جمهوری اسلامی، نبش کوچه نسترن، طبقه همکف - بلوار طاق بستان، نرسیده به میدان، پلاک ۴۵
۱۹۲	هرسین	پاوه	نمایندگی بیمه ۱۱۹۲	083-3XXXXXXX ،09XXXXXXXXX	خیابان مدرس، روبروی بانک ملی، طبقه اول، پلاک ۱۲
۱۹۳	هرسین	میان راهان	دفتر نمایندگی ۱۱۹۳	083-3XXXXXXX ،09XXXXXXXXX	خیابان شریعتی، جنب مسجد جامع، طبقه بالای بانک
۱۹۴	هرسین	گیلانغرب	شعبه بیمه ۱۱۹۴	083-3XXXXXXX ،09XXXXXXXXX	خیابان ۲۲ بهمن، ساختمان پزشکان، طبقه دوم
۱۹۵	هرسین	روانسر	کارگزاری بیمه ۱۱۹۵	083-3XXXXXXX ،09XXXXXXXXX	بلوار شهید بهشتی، جنب پاساژ تجاری، ساختمان اداری، واحد ۳ - خیابان ۲۲ بهمن، ساختمان پزشکان، طبقه دوم
۱۹۶	هرسین	نودشه	نمایندگی فعال ۱۱۹۶	083-3XXXXXXX ،09XXXXXXXXX	بلوار کشاورز، روبروی پارک، ساختمان نگین، واحد ۲
۱۹۷	هرسین	صحنه	نمایندگی بیمه ۱۱۹۷	083-3XXXXXXX ،09XXXXXXXXX	چهارراه انقلاب، روبروی شهرداری، مجتمع تجاری، واحد ۱۴
۱۹۸	کنگاور	تازه آباد	دفتر نمایندگی ۱۱۹۸	083-3XXXXXXX ،09XXXXXXXXX	میدان آزادی، ابتدای خیابان امام خمینی، کوچه ۵، پلاک ۷
۱۹۹	کنگاور	باینگان	شعبه بیمه ۱۱۹۹	083-3XXXXXXX ،09XXXXXXXXX	میدان فردوسی، ابتدای بلوار، جنب داروخانه - میدان آزادی، ابتدای خیابان امام خمینی، کوچه ۵، پلاک ۷
۲۰۰	کنگاور	هرسین	کارگزاری بیمه ۱۲۰۰	083-3XXXXXXX ،09XXXXXXXXX	بلوار طاق بستان، نرسیده به میدان، پلاک ۴۵
۲۰۱	کنگاور	کرند	نمایندگی فعال ۱۲۰۱	083-3XXXXXXX ،09XXXXXXXXX	بلوار جمهوری اسلامی، نبش کوچه نسترن، طبقه همکف
۲۰۲	کنگاور	کرمانشاه	نمایندگی بیمه ۱۲۰۲	083-3XXXXXXX ،09XXXXXXXXX	خیابان مدرس، روبروی بانک ملی، طبقه اول، پلاک ۱۲
۲۰۳	کنگاور	کنگاور	دفتر نمایندگی ۱۲۰۳	083-3XXXXXXX ،09XXXXXXXXX	خیابان شریعتی، جنب مسجد جامع، طبقه بالای بانک - خیابان مدرس، روبروی بانک ملی، طبقه اول، پلاک ۱۲
۲۰۴	کنگاور	بیستون	شعبه بیمه ۱۲۰۴	083-3XXXXXXX ،09XXXXXXXXX	خیابان ۲۲ بهمن، ساختمان پزشکان، طبقه دوم
۲۰۵	کنگاور	اسلام آباد	کارگزاری بیمه ۱۲۰۵	083-3XXXXXXX ،09XXXXXXXXX	بلوار شهید بهشتی، جنب پاساژ تجاری، ساختمان اداری، واحد ۳
۲۰۶	کنگاور	سنقر	نمایندگی فعال ۱۲۰۶	083-3XXXXXXX ،09XXXXXXXXX	بلوار کشاورز، روبروی پارک، ساختمان نگین، واحد ۲
۲۰۷	سنقر	سومار	نمایندگی بیمه ۱۲۰۷	083-3XXXXXXX ،09XXXXXXXXX	چهارراه انقلاب، روبروی شهرداری، مجتمع تجاری، واحد ۱۴ - بلوار کشاورز، روبروی پارک، ساختمان نگین، واحد ۲
۲۰۸	سنقر	سرپل ذهاب	دفتر نمایندگی ۱۲۰۸	083-3XXXXXXX ،09XXXXXXXXX	میدان آزادی، ابتدای خیابان امام خمینی، کوچه ۵، پلاک ۷
۲۰۹	سنقر	جوانرود	شعبه بیمه ۱۲۰۹	083-3XXXXXXX ،09XXXXXXXXX	میدان فردوسی، ابتدای بلوار، جنب داروخانه
۲۱۰	سنقر	کوزران	کارگزاری بیمه ۱۲۱۰	083-3XXXXXXX ،09XXXXXXXXX	بلوار طاق بستان، نرسیده به میدان، پلاک ۴۵
۲۱۱	سنقر	قصرشیرین	نمایندگی فعال ۱۲۱۱	083-3XXXXXXX ،09XXXXXXXXX	بلوار جمهوری اسلامی، نبش کوچه نسترن، طبقه همکف - بلوار طاق بستان، نرسیده به میدان، پلاک ۴۵
۲۱۲	سنقر	پاوه	نمایندگی بیمه ۱۲۱۲	083-3XXXXXXX ،09XXXXXXXXX	خیابان مدرس، روبروی بانک ملی، طبقه اول، پلاک ۱۲
۲۱۳	سنقر	میان راهان	دفتر نمایندگی ۱۲۱۳	083-3XXXXXXX ،09XXXXXXXXX	خیابان شریعتی، جنب مسجد جامع، طبقه بالای بانک
۲۱۴	سنقر	گیلانغرب	شعبه بیمه ۱۲۱۴	083-3XXXXXXX ،09XXXXXXXXX	خیابان ۲۲ بهمن، ساختمان پزشکان، طبقه دوم
۲۱۵	سنقر	روانسر	کارگزاری بیمه ۱۲۱۵	083-3XXXXXXX ،09XXXXXXXXX	بلوار شهید بهشتی، جنب پاساژ تجاری، ساختمان اداری، واحد ۳ - خیابان ۲۲ بهمن، ساختمان پزشکان، طبقه دوم
۲۱۶	جوانرود	نودشه	نمایندگی فعال ۱۲۱۶	083-3XXXXXXX ،09XXXXXXXXX	بلوار کشاورز، روبروی پارک، ساختمان نگین، واحد ۲
۲۱۷	جوانرود	صحنه	نمایندگی بیمه ۱۲۱۷	083-3XXXXXXX ،09XXXXXXXXX	چهارراه انقلاب، روبروی شهرداری، مجتمع تجاری، واحد ۱۴
۲۱۸	جوانرود	تازه آباد	دفتر نمایندگی ۱۲۱۸	083-3XXXXXXX ،09XXXXXXXXX	میدان آزادی، ابتدای خیابان امام خمینی، کوچه ۵، پلاک ۷
۲۱۹	جوانرود	باینگان	شعبه بیمه ۱۲۱۹	083-3XXXXXXX ،09XXXXXXXXX	میدان فردوسی، ابتدای بلوار، جنب داروخانه - میدان آزادی، ابتدای خیابان امام خمینی، کوچه ۵، پلاک ۷
۲۲۰	جوانرود	هرسین	کارگزاری بیمه ۱۲۲۰	083-3XXXXXXX ،09XXXXXXXXX	بلوار طاق بستان، نرسیده به میدان، پلاک ۴۵
۲۲۱	جوانرود	کرند	نمایندگی فعال ۱۲۲۱	083-3XXXXXXX ،09XXXXXXXXX	بلوار جمهوری اسلامی، نبش کوچه نسترن، طبقه همکف
۲۲۲	جوانرود	کرمانشاه	نمایندگی بیمه ۱۲۲۲	083-3XXXXXXX ،09XXXXXXXXX	خیابان مدرس، روبروی بانک ملی، طبقه اول، پلاک ۱۲
۲۲۳	جوانرود	کنگاور	دفتر نمایندگی ۱۲۲۳	083-3XXXXXXX ،09XXXXXXXXX	خیابان شریعتی، جنب مسجد جامع، طبقه بالای بانک - خیابان مدرس، روبروی بانک ملی، طبقه اول، پلاک ۱۲
۲۲۴	جوانرود	بیستون	شعبه بیمه ۱۲۲۴	083-3XXXXXXX ،09XXXXXXXXX	خیابان ۲۲ بهمن، ساختمان پزشکان، طبقه دوم
۲۲۵	پاوه	اسلام آباد	کارگزاری بیمه ۱۲۲۵	083-3XXXXXXX ،09XXXXXXXXX	بلوار شهید بهشتی، جنب پاساژ تجاری، ساختمان اداری، واحد ۳
۲۲۶	پاوه	سنقر	نمایندگی فعال ۱۲۲۶	083-3XXXXXXX ،09XXXXXXXXX	بلوار کشاورز، روبروی پارک، ساختمان نگین، واحد ۲
۲۲۷	پاوه	سومار	نمایندگی بیمه ۱۲۲۷	083-3XXXXXXX ،09XXXXXXXXX	چهارراه انقلاب، روبروی شهرداری، مجتمع تجاری، واحد ۱۴ - بلوار کشاورز، روبروی پارک، ساختمان نگین، واحد ۲
۲۲۸	پاوه	سرپل ذهاب	دفتر نمایندگی ۱۲۲۸	083-3XXXXXXX ،09XXXXXXXXX	میدان آزادی، ابتدای خیابان امام خمینی، کوچه ۵، پلاک ۷
۲۲۹	پاوه	جوانرود	شعبه بیمه ۱۲۲۹	083-3XXXXXXX ،09XXXXXXXXX	میدان فردوسی، ابتدای بلوار، جنب داروخانه
۲۳۰	پاوه	کوزران	کارگزاری بیمه ۱۲۳۰	083-3XXXXXXX ،09XXXXXXXXX	بلوار طاق بستان، نرسیده به میدان، پلاک ۴۵
۲۳۱	پاوه	قصرشیرین	نمایندگی فعال ۱۲۳۱	083-3XXXXXXX ،09XXXXXXXXX	بلوار جمهوری اسلامی، نبش کوچه نسترن، طبقه همکف - بلوار طاق بستان، نرسیده به میدان، پلاک ۴۵
۲۳۲	پاوه	پاوه	نمایندگی بیمه ۱۲۳۲	083-3XXXXXXX ،09XXXXXXXXX	خیابان مدرس، روبروی بانک ملی، طبقه اول، پلاک ۱۲
۲۳۳	پاوه	میان راهان	دفتر نمایندگی ۱۲۳۳	083-3XXXXXXX ،09XXXXXXXXX	خیابان شریعتی، جنب مسجد جامع، طبقه بالای بانک
۲۳۴	روانسر	گیلانغرب	شعبه بیمه ۱۲۳۴	083-3XXXXXXX ،09XXXXXXXXX	خیابان ۲۲ بهمن، ساختمان پزشکان، طبقه دوم
۲۳۵	روانسر	روانسر	کارگزاری بیمه ۱۲۳۵	083-3XXXXXXX ،09XXXXXXXXX	بلوار شهید بهشتی، جنب پاساژ تجاری، ساختمان اداری، واحد ۳ - خیابان ۲۲ بهمن، ساختمان پزشکان، طبقه دوم
۲۳۶	روانسر	نودشه	نمایندگی فعال ۱۲۳۶	083-3XXXXXXX ،09XXXXXXXXX	بلوار کشاورز، روبروی پارک، ساختمان نگین، واحد ۲
۲۳۷	روانسر	صحنه	نمایندگی بیمه ۱۲۳۷	083-3XXXXXXX ،09XXXXXXXXX	چهارراه انقلاب، روبروی شهرداری، مجتمع تجاری، واحد ۱۴
۲۳۸	روانسر	تازه آباد	دفتر نمایندگی ۱۲۳۸	083-3XXXXXXX ،09XXXXXXXXX	میدان آزادی، ابتدای خیابان امام خمینی، کوچه ۵، پلاک ۷
۲۳۹	روانسر	باینگان	شعبه بیمه ۱۲۳۹	083-3XXXXXXX ،09XXXXXXXXX	میدان فردوسی، ابتدای بلوار، جنب داروخانه - میدان آزادی، ابتدای خیابان امام خمینی، کوچه ۵، پلاک ۷
۲۴۰	روانسر	هرسین	کارگزاری بیمه ۱۲۴۰	083-3XXXXXXX ،09XXXXXXXXX	بلوار طاق بستان، نرسیده به میدان، پلاک ۴۵
۲۴۱	روانسر	کرند	نمایندگی فعال ۱۲۴۱	083-3XXXXXXX ،09XXXXXXXXX	بلوار جمهوری اسلامی، نبش کوچه نسترن، طبقه همکف
۲۴۲	روانسر	کرمانشاه	نمایندگی بیمه ۱۲۴۲	083-3XXXXXXX ،09XXXXXXXXX	خیابان مدرس، روبروی بانک ملی، طبقه اول، پلاک ۱۲
۲۴۳	ثلاث باباجانی	کنگاور	دفتر نمایندگی ۱۲۴۳	083-3XXXXXXX ،09XXXXXXXXX	خیابان شریعتی، جنب مسجد جامع، طبقه بالای بانک - خیابان مدرس، روبروی بانک ملی، طبقه اول، پلاک ۱۲
۲۴۴	ثلاث باباجانی	بیستون	شعبه بیمه ۱۲۴۴	083-3XXXXXXX ،09XXXXXXXXX	خیابان ۲۲ بهمن، ساختمان پزشکان، طبقه دوم
۲۴۵	ثلاث باباجانی	اسلام آباد	کارگزاری بیمه ۱۲۴۵	083-3XXXXXXX ،09XXXXXXXXX	بلوار شهید بهشتی، جنب پاساژ تجاری، ساختمان اداری، واحد ۳
۲۴۶	ثلاث باباجانی	سنقر	نمایندگی فعال ۱۲۴۶	083-3XXXXXXX ،09XXXXXXXXX	بلوار کشاورز، روبروی پارک، ساختمان نگین، واحد ۲
۲۴۷	ثلاث باباجانی	سومار	نمایندگی بیمه ۱۲۴۷	083-3XXXXXXX ،09XXXXXXXXX	چهارراه انقلاب، روبروی شهرداری، مجتمع تجاری، واحد ۱۴ - بلوار کشاورز، روبروی پارک، ساختمان نگین، واحد ۲
۲۴۸	ثلاث باباجانی	سرپل ذهاب	دفتر نمایندگی ۱۲۴۸	083-3XXXXXXX ،09XXXXXXXXX	میدان آزادی، ابتدای خیابان امام خمینی، کوچه ۵، پلاک ۷
۲۴۹	ثلاث باباجانی	جوانرود	شعبه بیمه ۱۲۴۹	083-3XXXXXXX ،09XXXXXXXXX	میدان فردوسی، ابتدای بلوار، جنب داروخانه
۲۵۰	ثلاث باباجانی	کوزران	کارگزاری بیمه ۱۲۵۰	083-3XXXXXXX ،09XXXXXXXXX	بلوار طاق بستان، نرسیده به میدان، پلاک ۴۵
۲۵۱	ثلاث باباجانی	قصرشیرین	نمایندگی فعال ۱۲۵۱	083-3XXXXXXX ،09XXXXXXXXX	بلوار جمهوری اسلامی، نبش کوچه نسترن، طبقه همکف - بلوار طاق بستان، نرسیده به میدان، پلاک ۴۵
۲۵۲	دالاهو	پاوه	نمایندگی بیمه ۱۲۵۲	083-3XXXXXXX ،09XXXXXXXXX	خیابان مدرس، روبروی بانک ملی، طبقه اول، پلاک ۱۲
۲۵۳	دالاهو	میان راهان	دفتر نمایندگی ۱۲۵۳	083-3XXXXXXX ،09XXXXXXXXX	خیابان شریعتی، جنب مسجد جامع، طبقه بالای بانک
۲۵۴	دالاهو	گیلانغرب	شعبه بیمه ۱۲۵۴	083-3XXXXXXX ،09XXXXXXXXX	خیابان ۲۲ بهمن، ساختمان پزشکان، طبقه دوم
۲۵۵	دالاهو	روانسر	کارگزاری بیمه ۱۲۵۵	083-3XXXXXXX ،09XXXXXXXXX	بلوار شهید بهشتی، جنب پاساژ تجاری، ساختمان اداری، واحد ۳ - خیابان ۲۲ بهمن، ساختمان پزشکان، طبقه دوم
۲۵۶	دالاهو	نودشه	نمایندگی فعال ۱۲۵۶	083-3XXXXXXX ،09XXXXXXXXX	بلوار کشاورز، روبروی پارک، ساختمان نگین، واحد ۲
۲۵۷	دالاهو	صحنه	نمایندگی بیمه ۱۲۵۷	083-3XXXXXXX ،09XXXXXXXXX	چهارراه انقلاب، روبروی شهرداری، مجتمع تجاری، واحد ۱۴
۲۵۸	دالاهو	تازه آباد	دفتر نمایندگی ۱۲۵۸	083-3XXXXXXX ،09XXXXXXXXX	میدان آزادی، ابتدای خیابان امام خمینی، کوچه ۵، پلاک ۷
ردیف	شهرستان	شهر	نام نمایندگی	شماره تماس	آدرس
۲۵۹	دالاهو	سرپل ذهاب	دفتر نمایندگی ۱۲۵۹	083-3XXXXXXX ،09XXXXXXXXX	میدان آزادی، ابتدای خیابان امام خمینی، کوچه ۵، پلاک ۷ - چهارراه انقلاب، روبروی شهرداری، مجتمع تجاری، واحد ۱۴
۲۶۰	دالاهو	جوانرود	شعبه بیمه ۱۲۶۰	083-3XXXXXXX ،09XXXXXXXXX	میدان فردوسی، ابتدای بلوار، جنب داروخانه
۲۶۱	بیستون	کوزران	کارگزاری بیمه ۱۲۶۱	083-3XXXXXXX ،09XXXXXXXXX	بلوار طاق بستان، نرسیده به میدان، پلاک ۴۵
۲۶۲	بیستون	قصرشیرین	نمایندگی فعال ۱۲۶۲	083-3XXXXXXX ،09XXXXXXXXX	بلوار جمهوری اسلامی، نبش کوچه نسترن، طبقه همکف
۲۶۳	بیستون	پاوه	نمایندگی بیمه ۱۲۶۳	083-3XXXXXXX ،09XXXXXXXXX	خیابان مدرس، روبروی بانک ملی، طبقه اول، پلاک ۱۲ - بلوار جمهوری اسلامی، نبش کوچه نسترن، طبقه همکف
۲۶۴	بیستون	میان راهان	دفتر نمایندگی ۱۲۶۴	083-3XXXXXXX ،09XXXXXXXXX	خیابان شریعتی، جنب مسجد جامع، طبقه بالای بانک
۲۶۵	بیستون	گیلانغرب	شعبه بیمه ۱۲۶۵	083-3XXXXXXX ،09XXXXXXXXX	خیابان ۲۲ بهمن، ساختمان پزشکان، طبقه دوم
۲۶۶	بیستون	روانسر	کارگزاری بیمه ۱۲۶۶	083-3XXXXXXX ،09XXXXXXXXX	بلوار شهید بهشتی، جنب پاساژ تجاری، ساختمان اداری، واحد ۳
۲۶۷	بیستون	نودشه	نمایندگی فعال ۱۲۶۷	083-3XXXXXXX ،09XXXXXXXXX	بلوار کشاورز، روبروی پارک، ساختمان نگین، واحد ۲ - بلوار شهید بهشتی، جنب پاساژ تجاری، ساختمان اداری، واحد ۳
۲۶۸	بیستون	صحنه	نمایندگی بیمه ۱۲۶۸	083-3XXXXXXX ،09XXXXXXXXX	چهارراه انقلاب، روبروی شهرداری، مجتمع تجاری، واحد ۱۴
۲۶۹	بیستون	تازه آباد	دفتر نمایندگی ۱۲۶۹	083-3XXXXXXX ،09XXXXXXXXX	میدان آزادی، ابتدای خیابان امام خمینی، کوچه ۵، پلاک ۷
۲۷۰	کرمانشاه	باینگان	شعبه بیمه ۱۲۷۰	083-3XXXXXXX ،09XXXXXXXXX	میدان فردوسی، ابتدای بلوار، جنب داروخانه
۲۷۱	کرمانشاه	هرسین	کارگزاری بیمه ۱۲۷۱	083-3XXXXXXX ،09XXXXXXXXX	بلوار طاق بستان، نرسیده به میدان، پلاک ۴۵ - میدان فردوسی، ابتدای بلوار، جنب داروخانه
۲۷۲	کرمانشاه	کرند	نمایندگی فعال ۱۲۷۲	083-3XXXXXXX ،09XXXXXXXXX	بلوار جمهوری اسلامی، نبش کوچه نسترن، طبقه همکف
۲۷۳	کرمانشاه	کرمانشاه	نمایندگی بیمه ۱۲۷۳	083-3XXXXXXX ،09XXXXXXXXX	خیابان مدرس، روبروی بانک ملی، طبقه اول، پلاک ۱۲
۲۷۴	کرمانشاه	کنگاور	دفتر نمایندگی ۱۲۷۴	083-3XXXXXXX ،09XXXXXXXXX	خیابان شریعتی، جنب مسجد جامع، طبقه بالای بانک
۲۷۵	کرمانشاه	بیستون	شعبه بیمه ۱۲۷۵	083-3XXXXXXX ،09XXXXXXXXX	خیابان ۲۲ بهمن، ساختمان پزشکان، طبقه دوم - خیابان شریعتی، جنب مسجد جامع، طبقه بالای بانک
۲۷۶	کرمانشاه	اسلام آباد	کارگزاری بیمه ۱۲۷۶	083-3XXXXXXX ،09XXXXXXXXX	بلوار شهید بهشتی، جنب پاساژ تجاری، ساختمان اداری، واحد ۳
۲۷۷	کرمانشاه	سنقر	نمایندگی فعال ۱۲۷۷	083-3XXXXXXX ،09XXXXXXXXX	بلوار کشاورز، روبروی پارک، ساختمان نگین، واحد ۲
۲۷۸	کرمانشاه	سومار	نمایندگی بیمه ۱۲۷۸	083-3XXXXXXX ،09XXXXXXXXX	چهارراه انقلاب، روبروی شهرداری، مجتمع تجاری، واحد ۱۴
۲۷۹	اسلام آباد غرب	سرپل ذهاب	دفتر نمایندگی ۱۲۷۹	083-3XXXXXXX ،09XXXXXXXXX	میدان آزادی، ابتدای خیابان امام خمینی، کوچه ۵، پلاک ۷ - چهارراه انقلاب، روبروی شهرداری، مجتمع تجاری، واحد ۱۴
۲۸۰	اسلام آباد غرب	جوانرود	شعبه بیمه ۱۲۸۰	083-3XXXXXXX ،09XXXXXXXXX	میدان فردوسی، ابتدای بلوار، جنب داروخانه
۲۸۱	اسلام آباد غرب	کوزران	کارگزاری بیمه ۱۲۸۱	083-3XXXXXXX ،09XXXXXXXXX	بلوار طاق بستان، نرسیده به میدان، پلاک ۴۵
۲۸۲	اسلام آباد غرب	قصرشیرین	نمایندگی فعال ۱۲۸۲	083-3XXXXXXX ،09XXXXXXXXX	بلوار جمهوری اسلامی، نبش کوچه نسترن، طبقه همکف
۲۸۳	اسلام آباد غرب	پاوه	نمایندگی بیمه ۱۲۸۳	083-3XXXXXXX ،09XXXXXXXXX	خیابان مدرس، روبروی بانک ملی، طبقه اول، پلاک ۱۲ - بلوار جمهوری اسلامی، نبش کوچه نسترن، طبقه همکف
۲۸۴	اسلام آباد غرب	میان راهان	دفتر نمایندگی ۱۲۸۴	083-3XXXXXXX ،09XXXXXXXXX	خیابان شریعتی، جنب مسجد جامع، طبقه بالای بانک
۲۸۵	اسلام آباد غرب	گیلانغرب	شعبه بیمه ۱۲۸۵	083-3XXXXXXX ،09XXXXXXXXX	خیابان ۲۲ بهمن، ساختمان پزشکان، طبقه دوم
۲۸۶	اسلام آباد غرب	روانسر	کارگزاری بیمه ۱۲۸۶	083-3XXXXXXX ،09XXXXXXXXX	بلوار شهید بهشتی، جنب پاساژ تجاری، ساختمان اداری، واحد ۳
۲۸۷	اسلام آباد غرب	نودشه	نمایندگی فعال ۱۲۸۷	083-3XXXXXXX ،09XXXXXXXXX	بلوار کشاورز، روبروی پارک، ساختمان نگین، واحد ۲ - بلوار شهید بهشتی، جنب پاساژ تجاری، ساختمان اداری، واحد ۳
۲۸۸	سرپل ذهاب	صحنه	نمایندگی بیمه ۱۲۸۸	083-3XXXXXXX ،09XXXXXXXXX	چهارراه انقلاب، روبروی شهرداری، مجتمع تجاری، واحد ۱۴
۲۸۹	سرپل ذهاب	تازه آباد	دفتر نمایندگی ۱۲۸۹	083-3XXXXXXX ،09XXXXXXXXX	میدان آزادی، ابتدای خیابان امام خمینی، کوچه ۵، پلاک ۷
۲۹۰	سرپل ذهاب	باینگان	شعبه بیمه ۱۲۹۰	083-3XXXXXXX ،09XXXXXXXXX	میدان فردوسی، ابتدای بلوار، جنب داروخانه
۲۹۱	سرپل ذهاب	هرسین	کارگزاری بیمه ۱۲۹۱	083-3XXXXXXX ،09XXXXXXXXX	بلوار طاق بستان، نرسیده به میدان، پلاک ۴۵ - میدان فردوسی، ابتدای بلوار، جنب داروخانه
۲۹۲	سرپل ذهاب	کرند	نمایندگی فعال ۱۲۹۲	083-3XXXXXXX ،09XXXXXXXXX	بلوار جمهوری اسلامی، نبش کوچه نسترن، طبقه همکف
۲۹۳	سرپل ذهاب	کرمانشاه	نمایندگی بیمه ۱۲۹۳	083-3XXXXXXX ،09XXXXXXXXX	خیابان مدرس، روبروی بانک ملی، طبقه اول، پلاک ۱۲
۲۹۴	سرپل ذهاب	کنگاور	دفتر نمایندگی ۱۲۹۴	083-3XXXXXXX ،09XXXXXXXXX	خیابان شریعتی، جنب مسجد جامع، طبقه بالای بانک
۲۹۵	سرپل ذهاب	بیستون	شعبه بیمه ۱۲۹۵	083-3XXXXXXX ،09XXXXXXXXX	خیابان ۲۲ بهمن، ساختمان پزشکان، طبقه دوم - خیابان شریعتی، جنب مسجد جامع، طبقه بالای بانک
۲۹۶	سرپل ذهاب	اسلام آباد	کارگزاری بیمه ۱۲۹۶	083-3XXXXXXX ،09XXXXXXXXX	بلوار شهید بهشتی، جنب پاساژ تجاری، ساختمان اداری، واحد ۳
۲۹۷	قصر شیرین	سنقر	نمایندگی فعال ۱۲۹۷	083-3XXXXXXX ،09XXXXXXXXX	بلوار کشاورز، روبروی پارک، ساختمان نگین، واحد ۲
۲۹۸	قصر شیرین	سومار	نمایندگی بیمه ۱۲۹۸	083-3XXXXXXX ،09XXXXXXXXX	چهارراه انقلاب، روبروی شهرداری، مجتمع تجاری، واحد ۱۴
۲۹۹	قصر شیرین	سرپل ذهاب	دفتر نمایندگی ۱۲۹۹	083-3XXXXXXX ،09XXXXXXXXX	میدان آزادی، ابتدای خیابان امام خمینی، کوچه ۵، پلاک ۷ - چهارراه انقلاب، روبروی شهرداری، مجتمع تجاری، واحد ۱۴
۳۰۰	قصر شیرین	جوانرود	شعبه بیمه ۱۳۰۰	083-3XXXXXXX ،09XXXXXXXXX	میدان فردوسی، ابتدای بلوار، جنب داروخانه
۳۰۱	قصر شیرین	کوزران	کارگزاری بیمه ۱۳۰۱	083-3XXXXXXX ،09XXXXXXXXX	بلوار طاق بستان، نرسیده به میدان، پلاک ۴۵
۳۰۲	قصر شیرین	قصرشیرین	نمایندگی فعال ۱۳۰۲	083-3XXXXXXX ،09XXXXXXXXX	بلوار جمهوری اسلامی، نبش کوچه نسترن، طبقه همکف
۳۰۳	قصر شیرین	پاوه	نمایندگی بیمه ۱۳۰۳	083-3XXXXXXX ،09XXXXXXXXX	خیابان مدرس، روبروی بانک ملی، طبقه اول، پلاک ۱۲ - بلوار جمهوری اسلامی، نبش کوچه نسترن، طبقه همکف
۳۰۴	قصر شیرین	میان راهان	دفتر نمایندگی ۱۳۰۴	083-3XXXXXXX ،09XXXXXXXXX	خیابان شریعتی، جنب مسجد جامع، طبقه بالای بانک
۳۰۵	قصر شیرین	گیلانغرب	شعبه بیمه ۱۳۰۵	083-3XXXXXXX ،09XXXXXXXXX	خیابان ۲۲ بهمن، ساختمان پزشکان، طبقه دوم
۳۰۶	گیلانغرب	روانسر	کارگزاری بیمه ۱۳۰۶	083-3XXXXXXX ،09XXXXXXXXX	بلوار شهید بهشتی، جنب پاساژ تجاری، ساختمان اداری، واحد ۳
۳۰۷	گیلانغرب	نودشه	نمایندگی فعال ۱۳۰۷	083-3XXXXXXX ،09XXXXXXXXX	بلوار کشاورز، روبروی پارک، ساختمان نگین، واحد ۲ - بلوار شهید بهشتی، جنب پاساژ تجاری، ساختمان اداری، واحد ۳
